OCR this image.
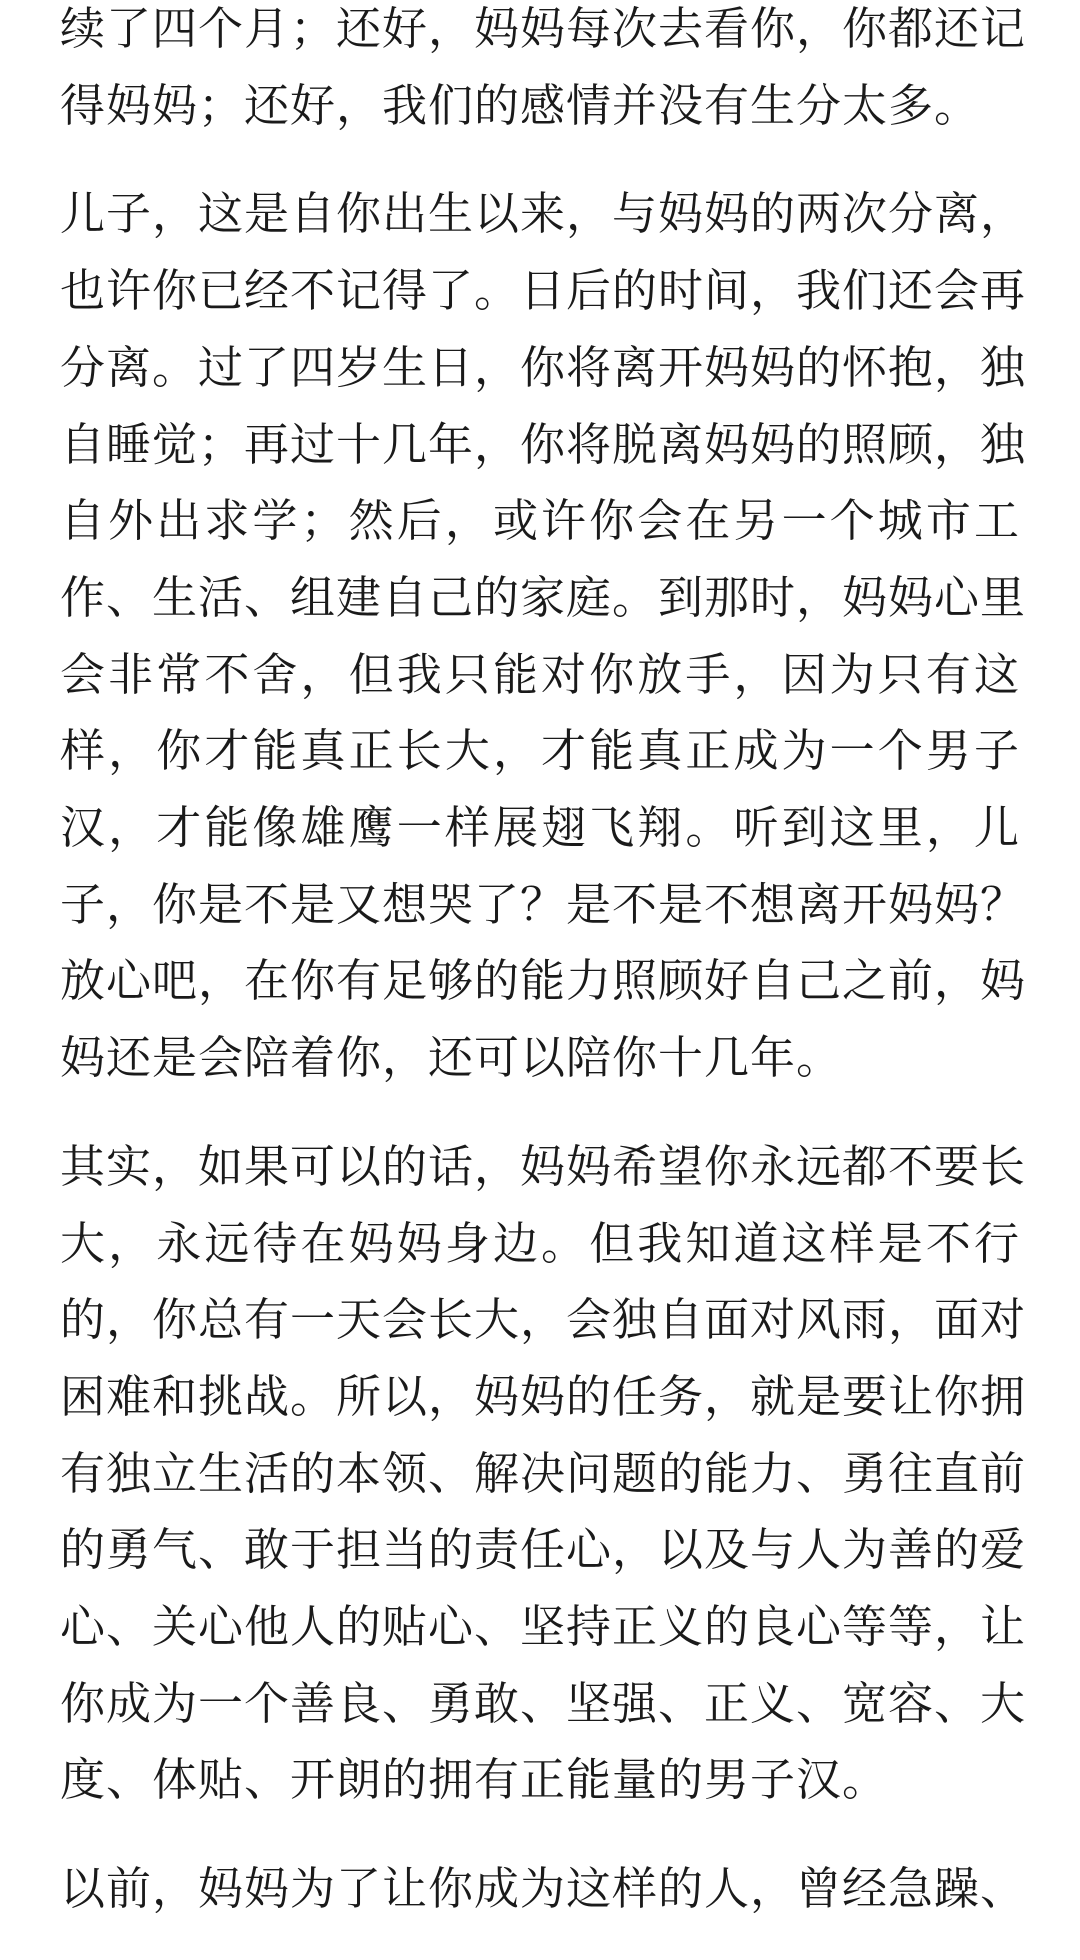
续了四个月；还好，妈妈每次去看你，你都还记
得妈妈；还好，我们的感情并没有生分太多。

儿子，这是自你出生以来，与妈妈的两次分离，
也许你已经不记得了。日后的时间，我们还会再
分离。过了四岁生日，你将离开妈妈的怀抱，独
自睡觉；再过十几年，你将脱离妈妈的照顾，独
自外出求学；然后，或许你会在另一个城市工
作、生活、组建自己的家庭。到那时，妈妈心里
会非常不舍，但我只能对你放手，因为只有这
样，你才能真正长大，才能真正成为一个男子
汉，才能像雄鹰一样展翅飞翔。听到这里，儿
子，你是不是又想哭了？是不是不想离开妈妈？
放心吧，在你有足够的能力照顾好自己之前，妈
妈还是会陪着你，还可以陪你十几年。

其实，如果可以的话，妈妈希望你永远都不要长
大，永远待在妈妈身边。但我知道这样是不行
的，你总有一天会长大，会独自面对风雨，面对
困难和挑战。所以，妈妈的任务，就是要让你拥
有独立生活的本领、解决问题的能力、勇往直前
的勇气、敢于担当的责任心，以及与人为善的爱
心、关心他人的贴心、坚持正义的良心等等，让
你成为一个善良、勇敢、坚强、正义、宽容、大
度、体贴、开朗的拥有正能量的男子汉。

以前，妈妈为了让你成为这样的人，曾经急躁、
